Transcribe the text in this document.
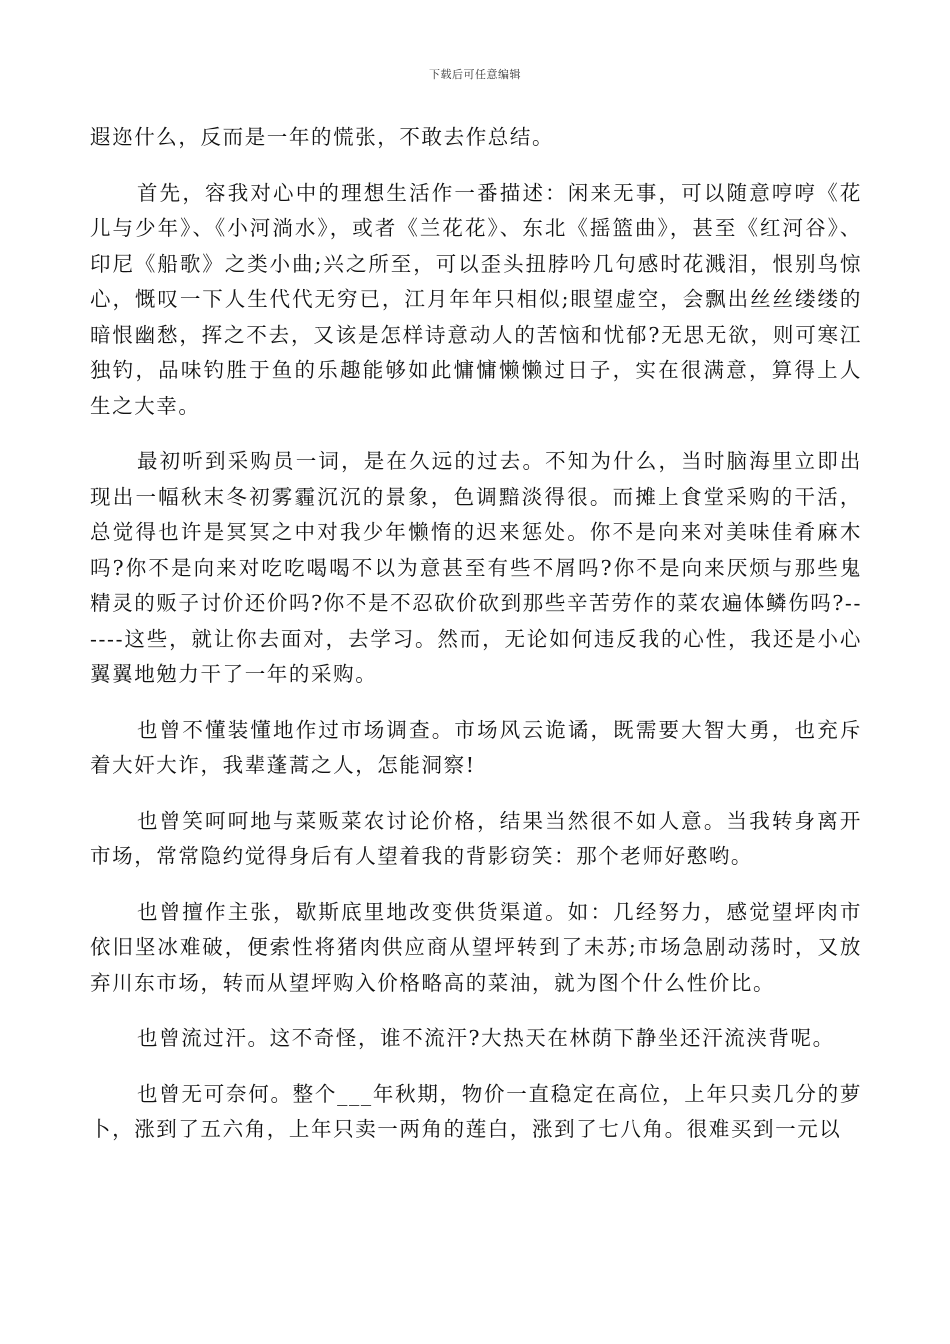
下载后可任意编辑

遐迩什么，反而是一年的慌张，不敢去作总结。

首先，容我对心中的理想生活作一番描述：闲来无事，可以随意哼哼《花儿与少年》、《小河淌水》，或者《兰花花》、东北《摇篮曲》，甚至《红河谷》、印尼《船歌》之类小曲;兴之所至，可以歪头扭脖吟几句感时花溅泪，恨别鸟惊心，慨叹一下人生代代无穷已，江月年年只相似;眼望虚空，会飘出丝丝缕缕的暗恨幽愁，挥之不去，又该是怎样诗意动人的苦恼和忧郁?无思无欲，则可寒江独钓，品味钓胜于鱼的乐趣能够如此慵慵懒懒过日子，实在很满意，算得上人生之大幸。

最初听到采购员一词，是在久远的过去。不知为什么，当时脑海里立即出现出一幅秋末冬初雾霾沉沉的景象，色调黯淡得很。而摊上食堂采购的干活，总觉得也许是冥冥之中对我少年懒惰的迟来惩处。你不是向来对美味佳肴麻木吗?你不是向来对吃吃喝喝不以为意甚至有些不屑吗?你不是向来厌烦与那些鬼精灵的贩子讨价还价吗?你不是不忍砍价砍到那些辛苦劳作的菜农遍体鳞伤吗?------这些，就让你去面对，去学习。然而，无论如何违反我的心性，我还是小心翼翼地勉力干了一年的采购。

也曾不懂装懂地作过市场调查。市场风云诡谲，既需要大智大勇，也充斥着大奸大诈，我辈蓬蒿之人，怎能洞察!

也曾笑呵呵地与菜贩菜农讨论价格，结果当然很不如人意。当我转身离开市场，常常隐约觉得身后有人望着我的背影窃笑：那个老师好憨哟。

也曾擅作主张，歇斯底里地改变供货渠道。如：几经努力，感觉望坪肉市依旧坚冰难破，便索性将猪肉供应商从望坪转到了未苏;市场急剧动荡时，又放弃川东市场，转而从望坪购入价格略高的菜油，就为图个什么性价比。

也曾流过汗。这不奇怪，谁不流汗?大热天在林荫下静坐还汗流浃背呢。

也曾无可奈何。整个___年秋期，物价一直稳定在高位，上年只卖几分的萝卜，涨到了五六角，上年只卖一两角的莲白，涨到了七八角。很难买到一元以
